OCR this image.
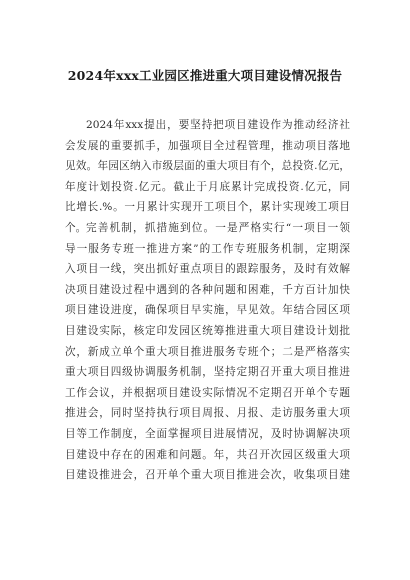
2024年xxx工业园区推进重大项目建设情况报告
2024年xxx提出，要坚持把项目建设作为推动经济社
会发展的重要抓手，加强项目全过程管理，推动项目落地
见效。年园区纳入市级层面的重大项目有个，总投资.亿元，
年度计划投资.亿元。截止于月底累计完成投资.亿元，同
比增长.%。一月累计实现开工项目个，累计实现竣工项目
个。 完善机制，抓措施到位。一是严格实行“一项目一领
导一服务专班一推进方案”的工作专班服务机制，定期深
入项目一线，突出抓好重点项目的跟踪服务，及时有效解
决项目建设过程中遇到的各种问题和困难，千方百计加快
项目建设进度，确保项目早实施，早见效。年结合园区项
目建设实际，核定印发园区统筹推进重大项目建设计划批
次，新成立单个重大项目推进服务专班个；二是严格落实
重大项目四级协调服务机制，坚持定期召开重大项目推进
工作会议，并根据项目建设实际情况不定期召开单个专题
推进会，同时坚持执行项目周报、月报、走访服务重大项
目等工作制度，全面掌握项目进展情况，及时协调解决项
目建设中存在的困难和问题。年，共召开次园区级重大项
目建设推进会，召开单个重大项目推进会次，收集项目建
